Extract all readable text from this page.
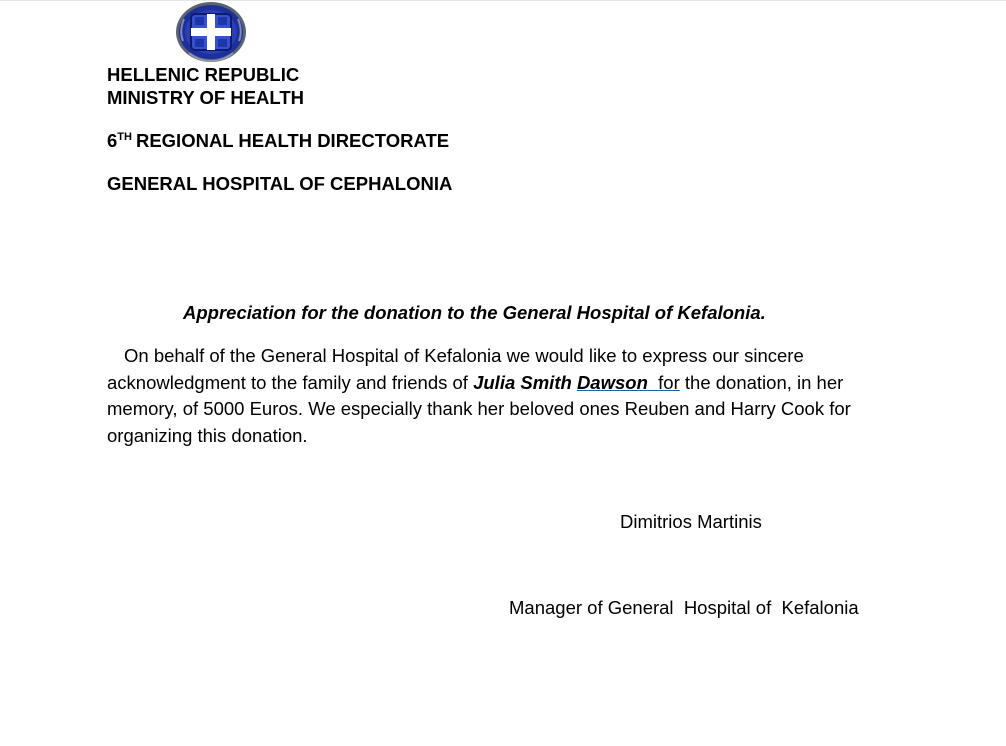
HELLENIC REPUBLIC
MINISTRY OF HEALTH
6TH REGIONAL HEALTH DIRECTORATE
GENERAL HOSPITAL OF CEPHALONIA
Appreciation for the donation to the General Hospital of Kefalonia.
On behalf of the General Hospital of Kefalonia we would like to express our sincere acknowledgment to the family and friends of Julia Smith Dawson for the donation, in her memory, of 5000 Euros. We especially thank her beloved ones Reuben and Harry Cook for organizing this donation.
Dimitrios Martinis
Manager of General  Hospital of  Kefalonia
